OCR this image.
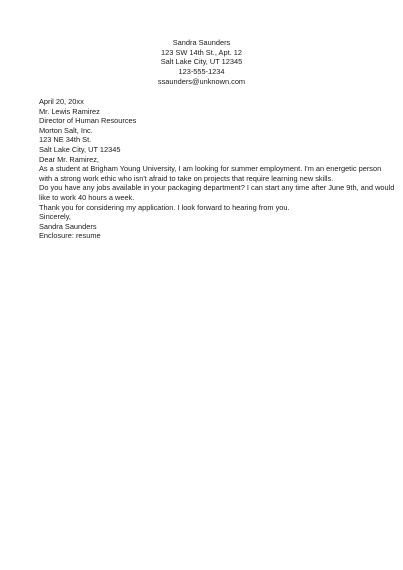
Sandra Saunders
123 SW 14th St., Apt. 12
Salt Lake City, UT 12345
123-555-1234
ssaunders@unknown.com
April 20, 20xx
Mr. Lewis Ramirez
Director of Human Resources
Morton Salt, Inc.
123 NE 34th St.
Salt Lake City, UT 12345
Dear Mr. Ramirez,
As a student at Brigham Young University, I am looking for summer employment. I'm an energetic person
with a strong work ethic who isn't afraid to take on projects that require learning new skills.
Do you have any jobs available in your packaging department? I can start any time after June 9th, and would
like to work 40 hours a week.
Thank you for considering my application. I look forward to hearing from you.
Sincerely,
Sandra Saunders
Enclosure: resume
